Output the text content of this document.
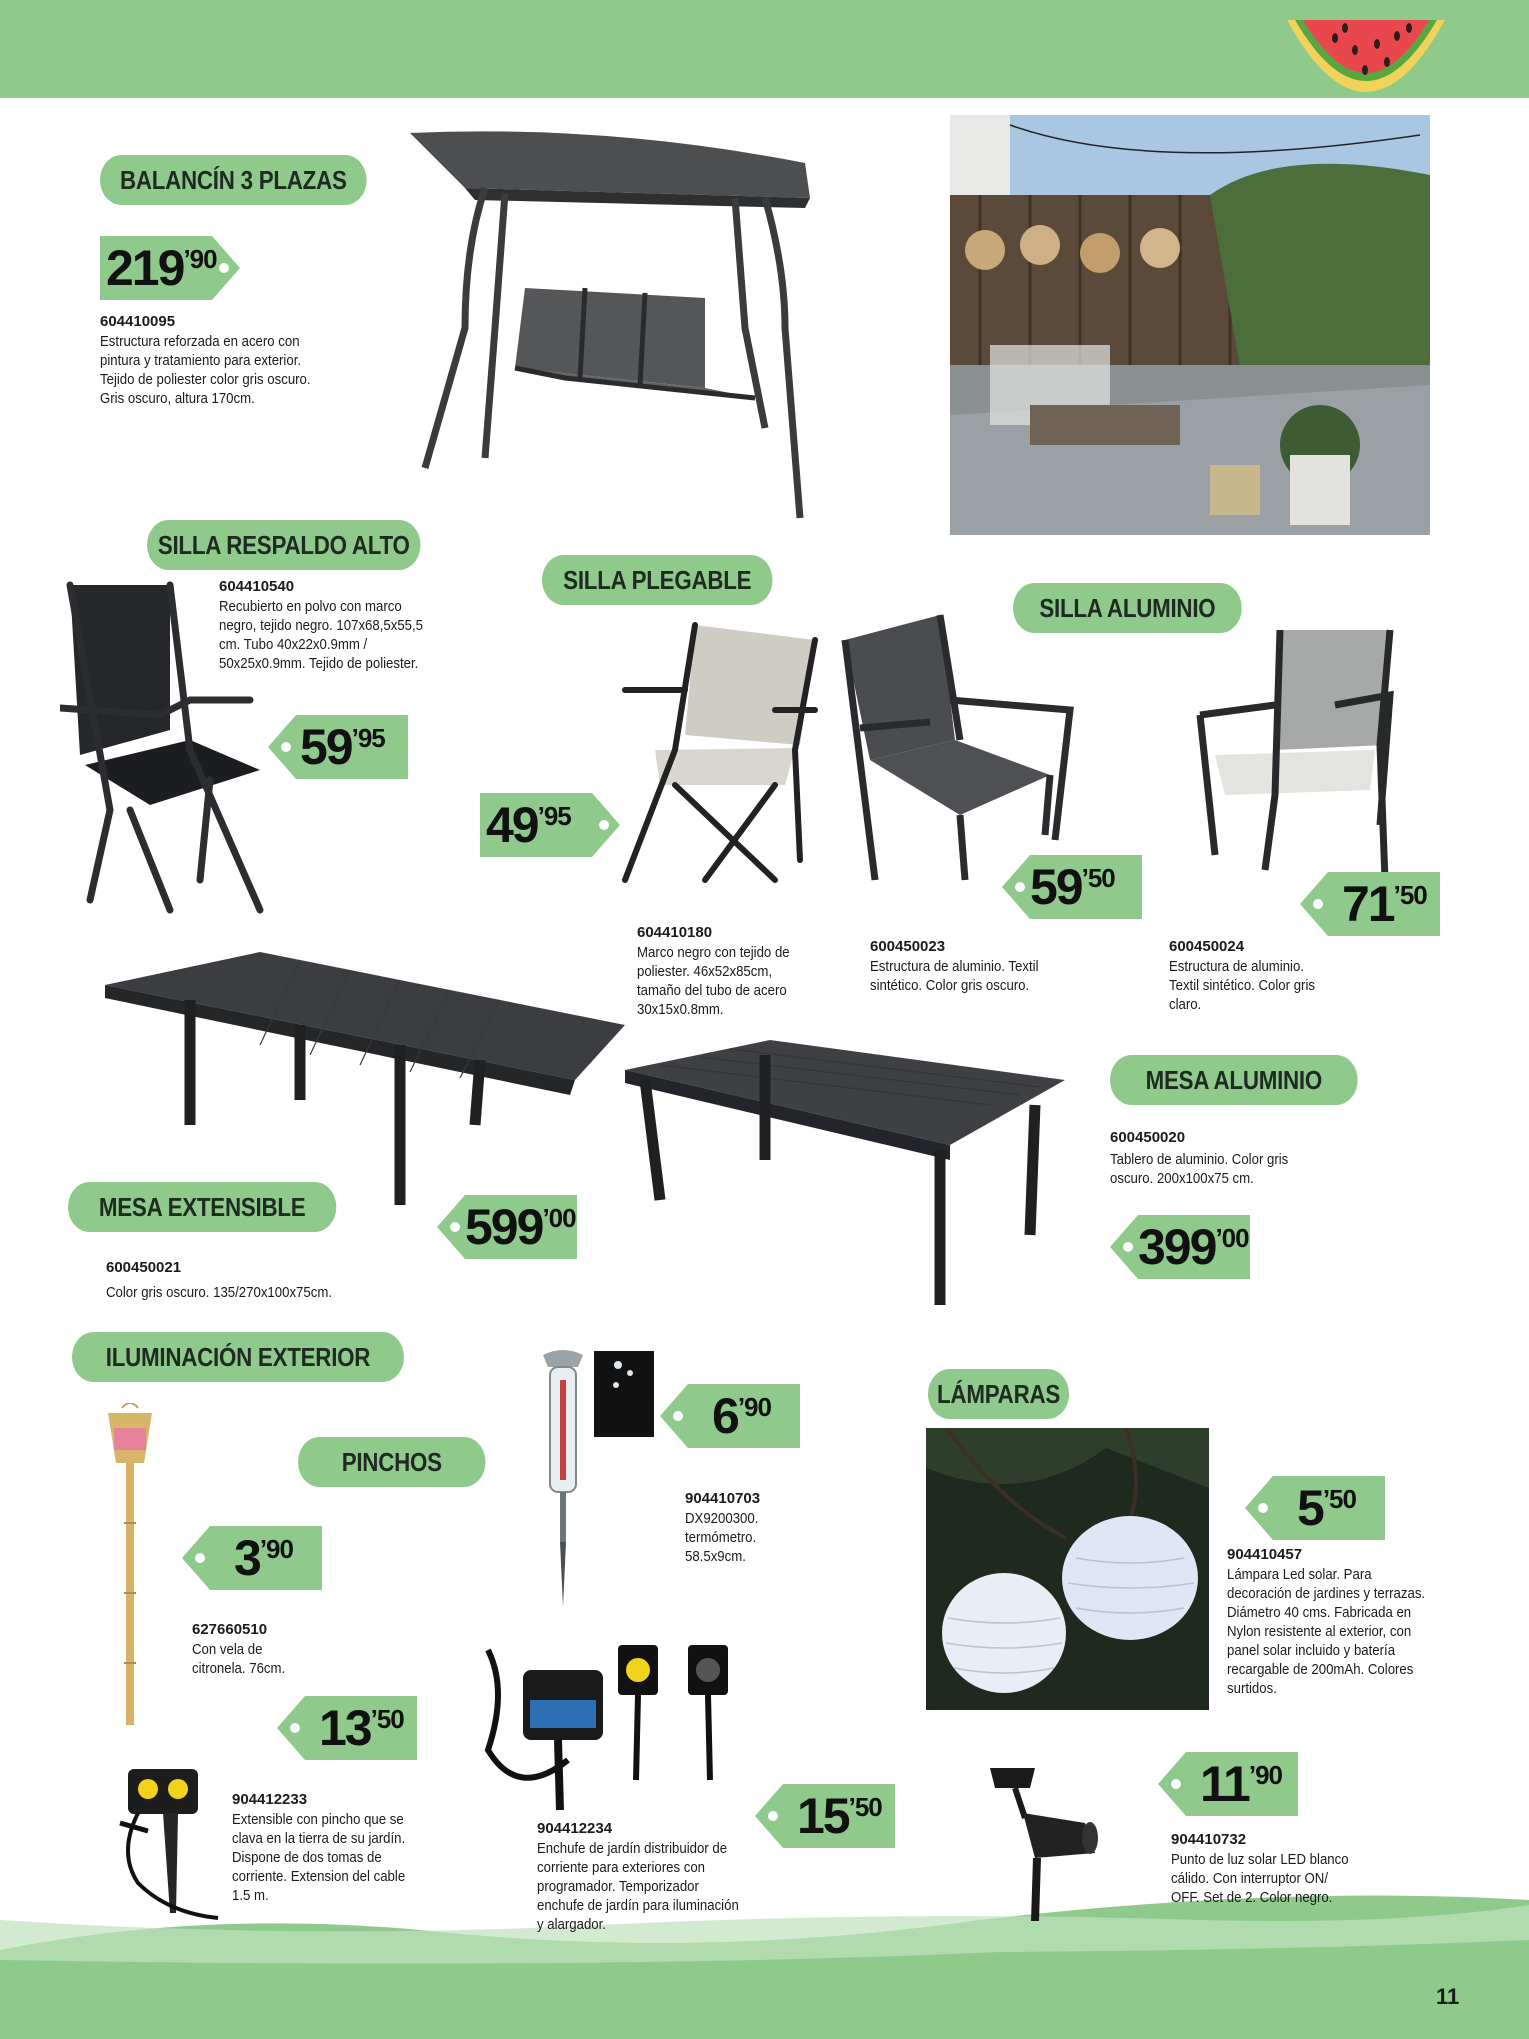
11
BALANCÍN 3 PLAZAS
219 ’90
604410095
Estructura reforzada en acero con pintura y tratamiento para exterior. Tejido de poliester color gris oscuro. Gris oscuro, altura 170cm.
SILLA RESPALDO ALTO
604410540
Recubierto en polvo con marco negro, tejido negro. 107x68,5x55,5 cm. Tubo 40x22x0.9mm / 50x25x0.9mm. Tejido de poliester.
59 ’95
SILLA PLEGABLE
49 ’95
604410180
Marco negro con tejido de poliester. 46x52x85cm, tamaño del tubo de acero 30x15x0.8mm.
SILLA ALUMINIO
59 ’50
600450023
Estructura de aluminio. Textil sintético. Color gris oscuro.
71 ’50
600450024
Estructura de aluminio. Textil sintético. Color gris claro.
MESA EXTENSIBLE	599 ’00
600450021
Color gris oscuro. 135/270x100x75cm.
MESA ALUMINIO
600450020
Tablero de aluminio. Color gris oscuro. 200x100x75 cm.
399 ’00
ILUMINACIÓN EXTERIOR
PINCHOS
3 ’90
627660510
Con vela de citronela. 76cm.
6 ’90
904410703
DX9200300. termómetro. 58.5x9cm.
LÁMPARAS
5 ’50
904410457
Lámpara Led solar. Para decoración de jardines y terrazas. Diámetro 40 cms. Fabricada en Nylon resistente al exterior, con panel solar incluido y batería recargable de 200mAh. Colores surtidos.
13 ’50
904412233
Extensible con pincho que se clava en la tierra de su jardín. Dispone de dos tomas de corriente. Extension del cable 1.5 m.
15 ’50
904412234
Enchufe de jardín distribuidor de corriente para exteriores con programador. Temporizador enchufe de jardín para iluminación y alargador.
11 ’90
904410732
Punto de luz solar LED blanco cálido. Con interruptor ON/ OFF. Set de 2. Color negro.
